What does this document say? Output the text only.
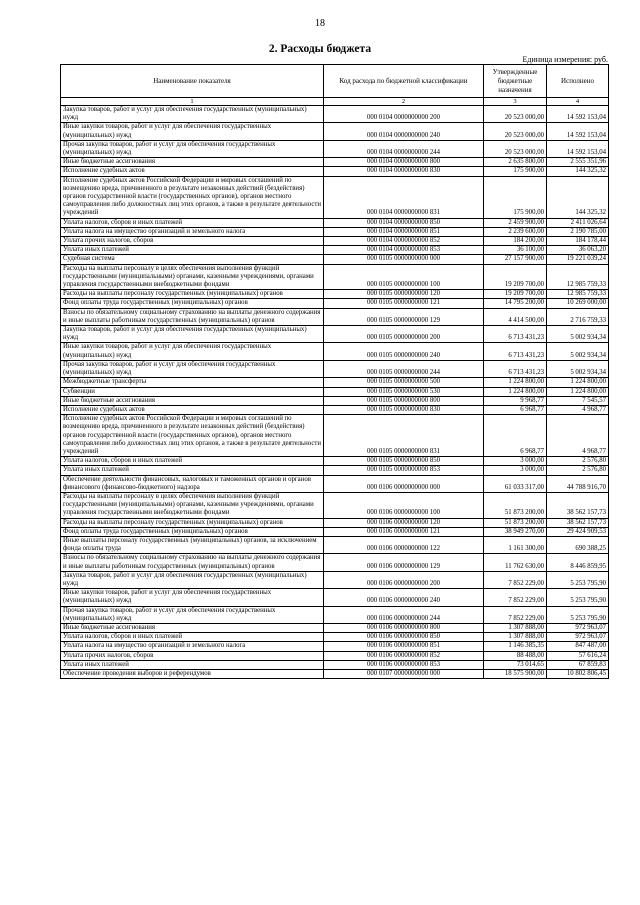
18
2. Расходы бюджета
Единица измерения: руб.
Наименование показателя	Код расхода по бюджетной классификации	Утвержденные бюджетные назначения	Исполнено
1	2	3	4
Закупка товаров, работ и услуг для обеспечения государственных (муниципальных) нужд	000 0104 0000000000 200	20 523 000,00	14 592 153,04
Иные закупки товаров, работ и услуг для обеспечения государственных (муниципальных) нужд	000 0104 0000000000 240	20 523 000,00	14 592 153,04
Прочая закупка товаров, работ и услуг для обеспечения государственных (муниципальных) нужд	000 0104 0000000000 244	20 523 000,00	14 592 153,04
Иные бюджетные ассигнования	000 0104 0000000000 800	2 635 800,00	2 555 351,96
Исполнение судебных актов	000 0104 0000000000 830	175 900,00	144 325,32
Исполнение судебных актов Российской Федерации и мировых соглашений по возмещению вреда, причиненного в результате незаконных действий (бездействия) органов государственной власти (государственных органов), органов местного самоуправления либо должностных лиц этих органов, а также в результате деятельности учреждений	000 0104 0000000000 831	175 900,00	144 325,32
Уплата налогов, сборов и иных платежей	000 0104 0000000000 850	2 459 900,00	2 411 026,64
Уплата налога на имущество организаций и земельного налога	000 0104 0000000000 851	2 239 600,00	2 190 785,00
Уплата прочих налогов, сборов	000 0104 0000000000 852	184 200,00	184 178,44
Уплата иных платежей	000 0104 0000000000 853	36 100,00	36 063,20
Судебная система	000 0105 0000000000 000	27 157 900,00	19 221 039,24
Расходы на выплаты персоналу в целях обеспечения выполнения функций государственными (муниципальными) органами, казенными учреждениями, органами управления государственными внебюджетными фондами	000 0105 0000000000 100	19 209 700,00	12 985 759,33
Расходы на выплаты персоналу государственных (муниципальных) органов	000 0105 0000000000 120	19 209 700,00	12 985 759,33
Фонд оплаты труда государственных (муниципальных) органов	000 0105 0000000000 121	14 795 200,00	10 269 000,00
Взносы по обязательному социальному страхованию на выплаты денежного содержания и иные выплаты работникам государственных (муниципальных) органов	000 0105 0000000000 129	4 414 500,00	2 716 759,33
Закупка товаров, работ и услуг для обеспечения государственных (муниципальных) нужд	000 0105 0000000000 200	6 713 431,23	5 002 934,34
Иные закупки товаров, работ и услуг для обеспечения государственных (муниципальных) нужд	000 0105 0000000000 240	6 713 431,23	5 002 934,34
Прочая закупка товаров, работ и услуг для обеспечения государственных (муниципальных) нужд	000 0105 0000000000 244	6 713 431,23	5 002 934,34
Межбюджетные трансферты	000 0105 0000000000 500	1 224 800,00	1 224 800,00
Субвенции	000 0105 0000000000 530	1 224 800,00	1 224 800,00
Иные бюджетные ассигнования	000 0105 0000000000 800	9 968,77	7 545,57
Исполнение судебных актов	000 0105 0000000000 830	6 968,77	4 968,77
Исполнение судебных актов Российской Федерации и мировых соглашений по возмещению вреда, причиненного в результате незаконных действий (бездействия) органов государственной власти (государственных органов), органов местного самоуправления либо должностных лиц этих органов, а также в результате деятельности учреждений	000 0105 0000000000 831	6 968,77	4 968,77
Уплата налогов, сборов и иных платежей	000 0105 0000000000 850	3 000,00	2 576,80
Уплата иных платежей	000 0105 0000000000 853	3 000,00	2 576,80
Обеспечение деятельности финансовых, налоговых и таможенных органов и органов финансового (финансово-бюджетного) надзора	000 0106 0000000000 000	61 033 317,00	44 788 916,70
Расходы на выплаты персоналу в целях обеспечения выполнения функций государственными (муниципальными) органами, казенными учреждениями, органами управления государственными внебюджетными фондами	000 0106 0000000000 100	51 873 200,00	38 562 157,73
Расходы на выплаты персоналу государственных (муниципальных) органов	000 0106 0000000000 120	51 873 200,00	38 562 157,73
Фонд оплаты труда государственных (муниципальных) органов	000 0106 0000000000 121	38 949 270,00	29 424 909,53
Иные выплаты персоналу государственных (муниципальных) органов, за исключением фонда оплаты труда	000 0106 0000000000 122	1 161 300,00	690 388,25
Взносы по обязательному социальному страхованию на выплаты денежного содержания и иные выплаты работникам государственных (муниципальных) органов	000 0106 0000000000 129	11 762 630,00	8 446 859,95
Закупка товаров, работ и услуг для обеспечения государственных (муниципальных) нужд	000 0106 0000000000 200	7 852 229,00	5 253 795,90
Иные закупки товаров, работ и услуг для обеспечения государственных (муниципальных) нужд	000 0106 0000000000 240	7 852 229,00	5 253 795,90
Прочая закупка товаров, работ и услуг для обеспечения государственных (муниципальных) нужд	000 0106 0000000000 244	7 852 229,00	5 253 795,90
Иные бюджетные ассигнования	000 0106 0000000000 800	1 307 888,00	972 963,07
Уплата налогов, сборов и иных платежей	000 0106 0000000000 850	1 307 888,00	972 963,07
Уплата налога на имущество организаций и земельного налога	000 0106 0000000000 851	1 146 385,35	847 487,00
Уплата прочих налогов, сборов	000 0106 0000000000 852	88 488,00	57 616,24
Уплата иных платежей	000 0106 0000000000 853	73 014,65	67 859,83
Обеспечение проведения выборов и референдумов	000 0107 0000000000 000	18 575 900,00	10 802 806,45
